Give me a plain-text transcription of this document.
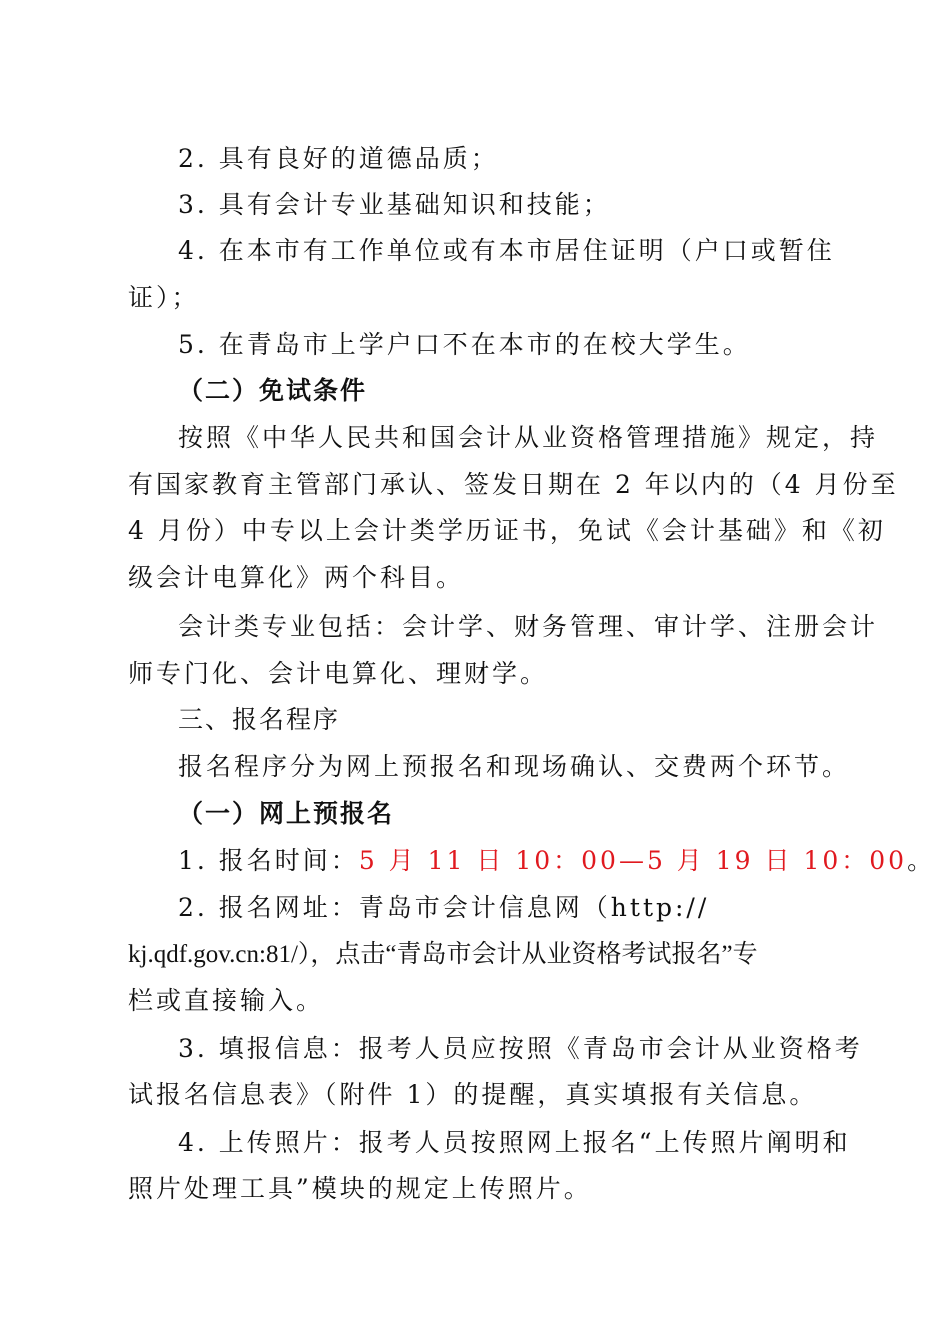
2. 具有良好的道德品质；
3. 具有会计专业基础知识和技能；
4. 在本市有工作单位或有本市居住证明（户口或暂住
证）；
5. 在青岛市上学户口不在本市的在校大学生。
（二）免试条件
按照《中华人民共和国会计从业资格管理措施》规定，持
有国家教育主管部门承认、签发日期在 2 年以内的（4 月份至
4 月份）中专以上会计类学历证书，免试《会计基础》和《初
级会计电算化》两个科目。
会计类专业包括：会计学、财务管理、审计学、注册会计
师专门化、会计电算化、理财学。
三、报名程序
报名程序分为网上预报名和现场确认、交费两个环节。
（一）网上预报名
1. 报名时间：5 月 11 日 10：00—5 月 19 日 10：00。
2. 报名网址：青岛市会计信息网（http://
kj.qdf.gov.cn:81/），点击“青岛市会计从业资格考试报名”专
栏或直接输入。
3. 填报信息：报考人员应按照《青岛市会计从业资格考
试报名信息表》（附件 1）的提醒，真实填报有关信息。
4. 上传照片：报考人员按照网上报名“上传照片阐明和
照片处理工具”模块的规定上传照片。
